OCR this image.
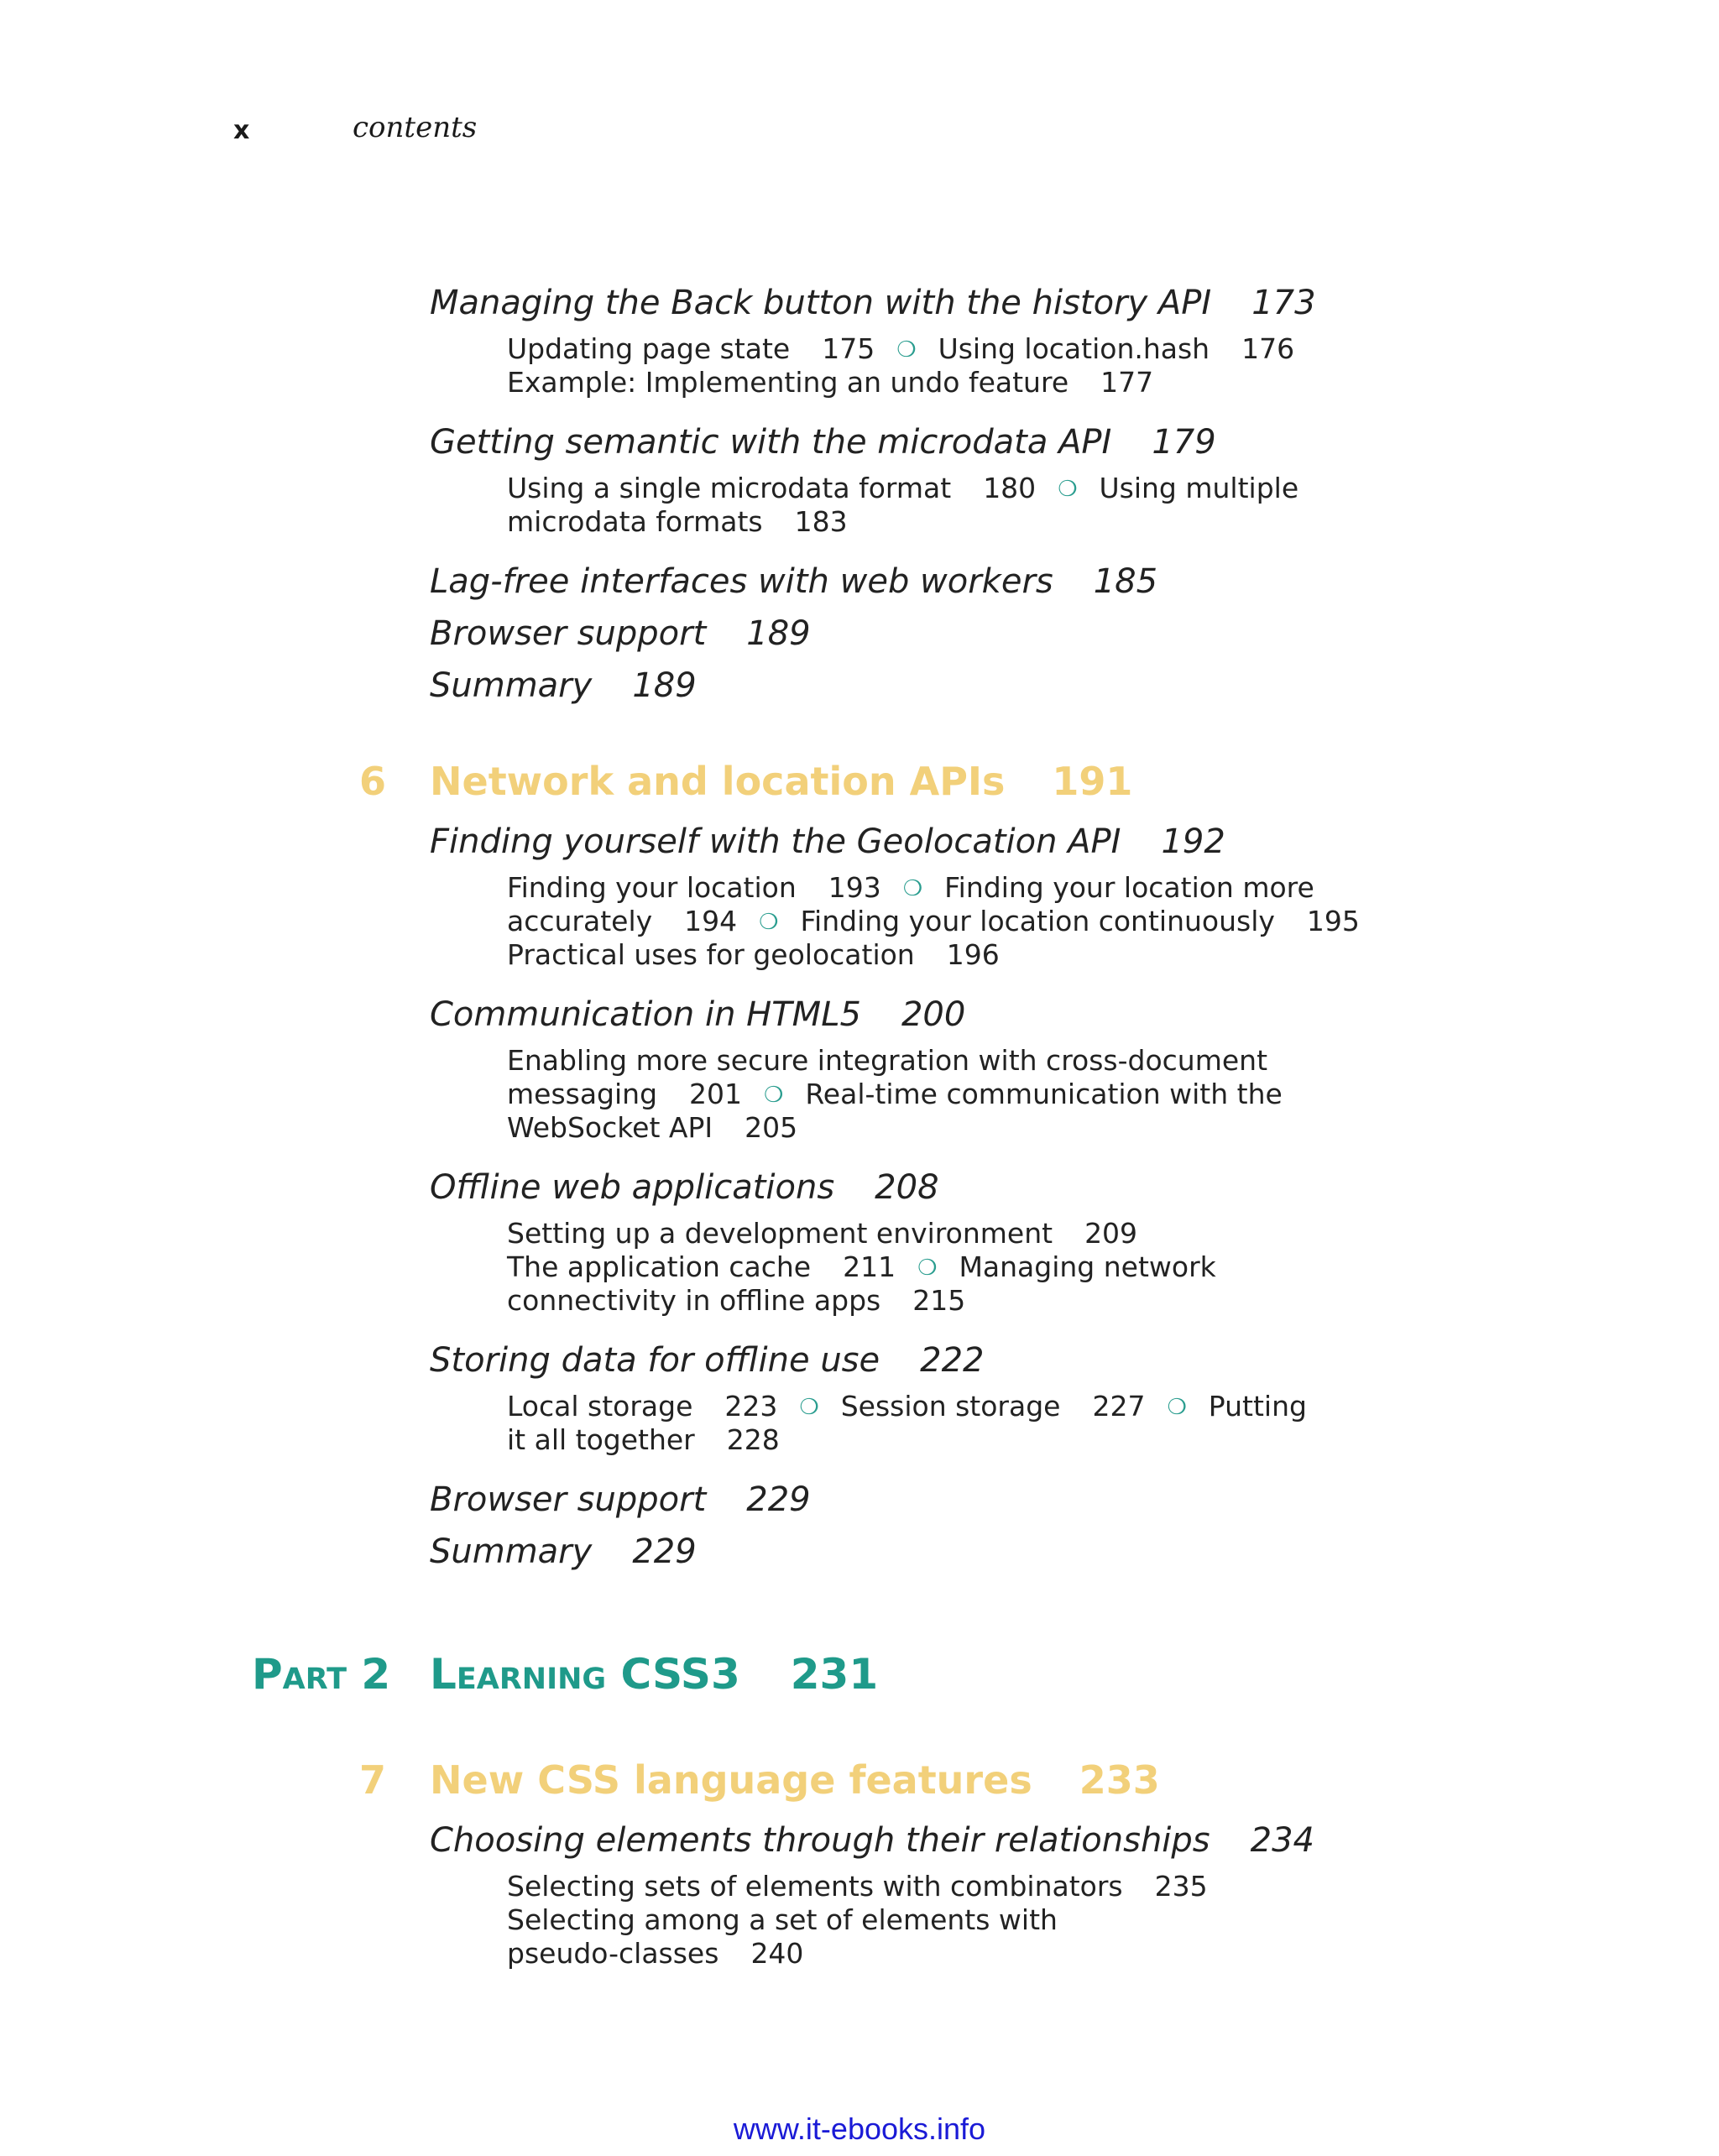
x	contents
Managing the Back button with the history API 173
Updating page state 175 ❍ Using location.hash 176
Example: Implementing an undo feature 177
Getting semantic with the microdata API 179
Using a single microdata format 180 ❍ Using multiple
microdata formats 183
Lag-free interfaces with web workers 185
Browser support 189
Summary 189
6 Network and location APIs 191
Finding yourself with the Geolocation API 192
Finding your location 193 ❍ Finding your location more
accurately 194 ❍ Finding your location continuously 195
Practical uses for geolocation 196
Communication in HTML5 200
Enabling more secure integration with cross-document
messaging 201 ❍ Real-time communication with the
WebSocket API 205
Offline web applications 208
Setting up a development environment 209
The application cache 211 ❍ Managing network
connectivity in offline apps 215
Storing data for offline use 222
Local storage 223 ❍ Session storage 227 ❍ Putting
it all together 228
Browser support 229
Summary 229
Part 2 Learning CSS3 231
7 New CSS language features 233
Choosing elements through their relationships 234
Selecting sets of elements with combinators 235
Selecting among a set of elements with
pseudo-classes 240
www.it-ebooks.info
